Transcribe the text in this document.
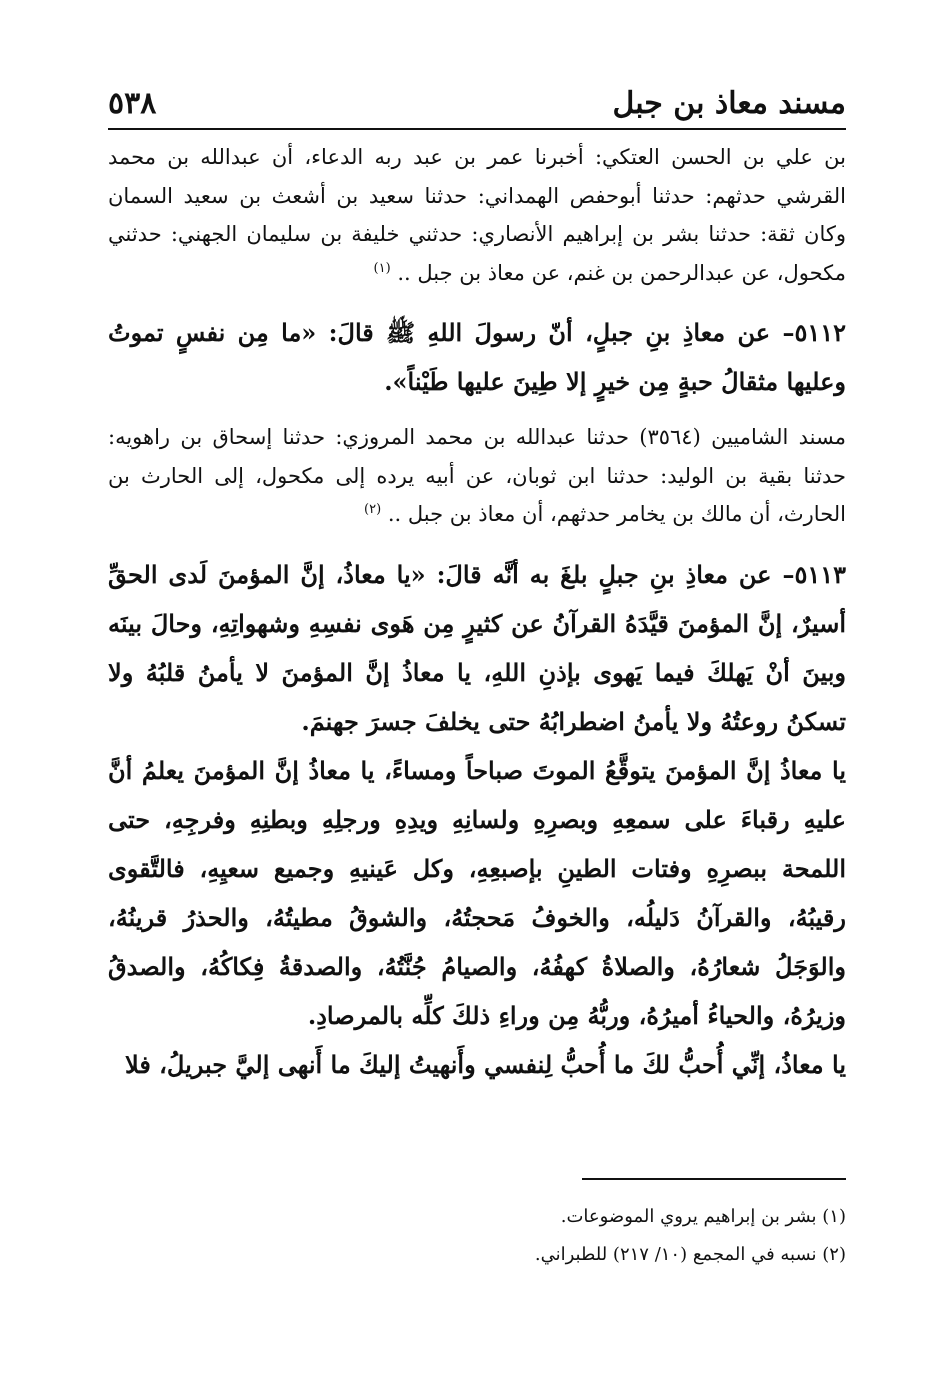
مسند معاذ بن جبل
٥٣٨

بن علي بن الحسن العتكي: أخبرنا عمر بن عبد ربه الدعاء، أن عبدالله بن محمد القرشي حدثهم: حدثنا أبوحفص الهمداني: حدثنا سعيد بن أشعث بن سعيد السمان وكان ثقة: حدثنا بشر بن إبراهيم الأنصاري: حدثني خليفة بن سليمان الجهني: حدثني مكحول، عن عبدالرحمن بن غنم، عن معاذ بن جبل .. $^{(١)}$

٥١١٢– عن معاذِ بنِ جبلٍ، أنّ رسولَ اللهِ ﷺ قالَ: «ما مِن نفسٍ تموتُ وعليها مثقالُ حبةٍ مِن خيرٍ إلا طِينَ عليها طَيْناً».

مسند الشاميين (٣٥٦٤) حدثنا عبدالله بن محمد المروزي: حدثنا إسحاق بن راهويه: حدثنا بقية بن الوليد: حدثنا ابن ثوبان، عن أبيه يرده إلى مكحول، إلى الحارث بن الحارث، أن مالك بن يخامر حدثهم، أن معاذ بن جبل .. $^{(٢)}$

٥١١٣– عن معاذِ بنِ جبلٍ بلغَ به أنَّه قالَ: «يا معاذُ، إنَّ المؤمنَ لَدى الحقِّ أسيرٌ، إنَّ المؤمنَ قيَّدَهُ القرآنُ عن كثيرٍ مِن هَوى نفسِهِ وشهواتِهِ، وحالَ بينَه وبينَ أنْ يَهلكَ فيما يَهوى بإذنِ اللهِ، يا معاذُ إنَّ المؤمنَ لا يأمنُ قلبُهُ ولا تسكنُ روعتُهُ ولا يأمنُ اضطرابُهُ حتى يخلفَ جسرَ جهنمَ.

يا معاذُ إنَّ المؤمنَ يتوقَّعُ الموتَ صباحاً ومساءً، يا معاذُ إنَّ المؤمنَ يعلمُ أنَّ عليهِ رقباءَ على سمعِهِ وبصرِهِ ولسانِهِ ويدِهِ ورجلِهِ وبطنِهِ وفرجِهِ، حتى اللمحة ببصرِهِ وفتات الطينِ بإصبعِهِ، وكل عَينيهِ وجميع سعيِهِ، فالتَّقوى رقيبُهُ، والقرآنُ دَليلُه، والخوفُ مَحجتُهُ، والشوقُ مطيتُهُ، والحذرُ قرينُهُ، والوَجَلُ شعارُهُ، والصلاةُ كهفُهُ، والصيامُ جُنَّتُهُ، والصدقةُ فِكاكُهُ، والصدقُ وزيرُهُ، والحياءُ أميرُهُ، وربُّهُ مِن وراءِ ذلكَ كلِّه بالمرصادِ.

يا معاذُ، إنِّي أُحبُّ لكَ ما أُحبُّ لِنفسي وأَنهيتُ إليكَ ما أَنهى إليَّ جبريلُ، فلا

(١) بشر بن إبراهيم يروي الموضوعات.

(٢) نسبه في المجمع (١٠/ ٢١٧) للطبراني.
